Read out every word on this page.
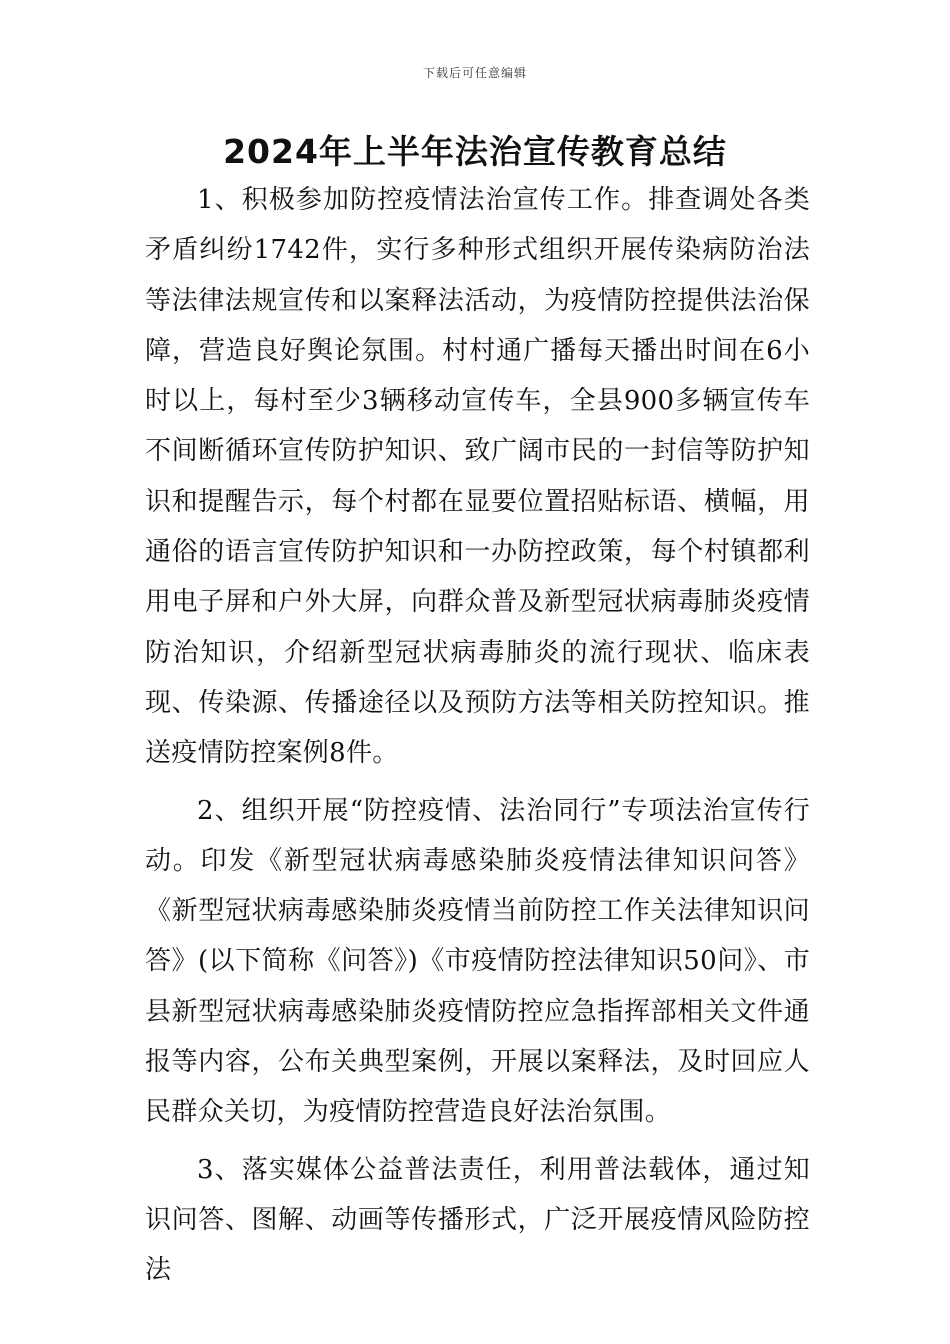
下载后可任意编辑
2024年上半年法治宣传教育总结

1、积极参加防控疫情法治宣传工作。排查调处各类矛盾纠纷1742件，实行多种形式组织开展传染病防治法等法律法规宣传和以案释法活动，为疫情防控提供法治保障，营造良好舆论氛围。村村通广播每天播出时间在6小时以上，每村至少3辆移动宣传车，全县900多辆宣传车不间断循环宣传防护知识、致广阔市民的一封信等防护知识和提醒告示，每个村都在显要位置招贴标语、横幅，用通俗的语言宣传防护知识和一办防控政策，每个村镇都利用电子屏和户外大屏，向群众普及新型冠状病毒肺炎疫情防治知识，介绍新型冠状病毒肺炎的流行现状、临床表现、传染源、传播途径以及预防方法等相关防控知识。推送疫情防控案例8件。

2、组织开展“防控疫情、法治同行”专项法治宣传行动。印发《新型冠状病毒感染肺炎疫情法律知识问答》《新型冠状病毒感染肺炎疫情当前防控工作关法律知识问答》(以下简称《问答》)《市疫情防控法律知识50问》、市县新型冠状病毒感染肺炎疫情防控应急指挥部相关文件通报等内容，公布关典型案例，开展以案释法，及时回应人民群众关切，为疫情防控营造良好法治氛围。

3、落实媒体公益普法责任，利用普法载体，通过知识问答、图解、动画等传播形式，广泛开展疫情风险防控法
